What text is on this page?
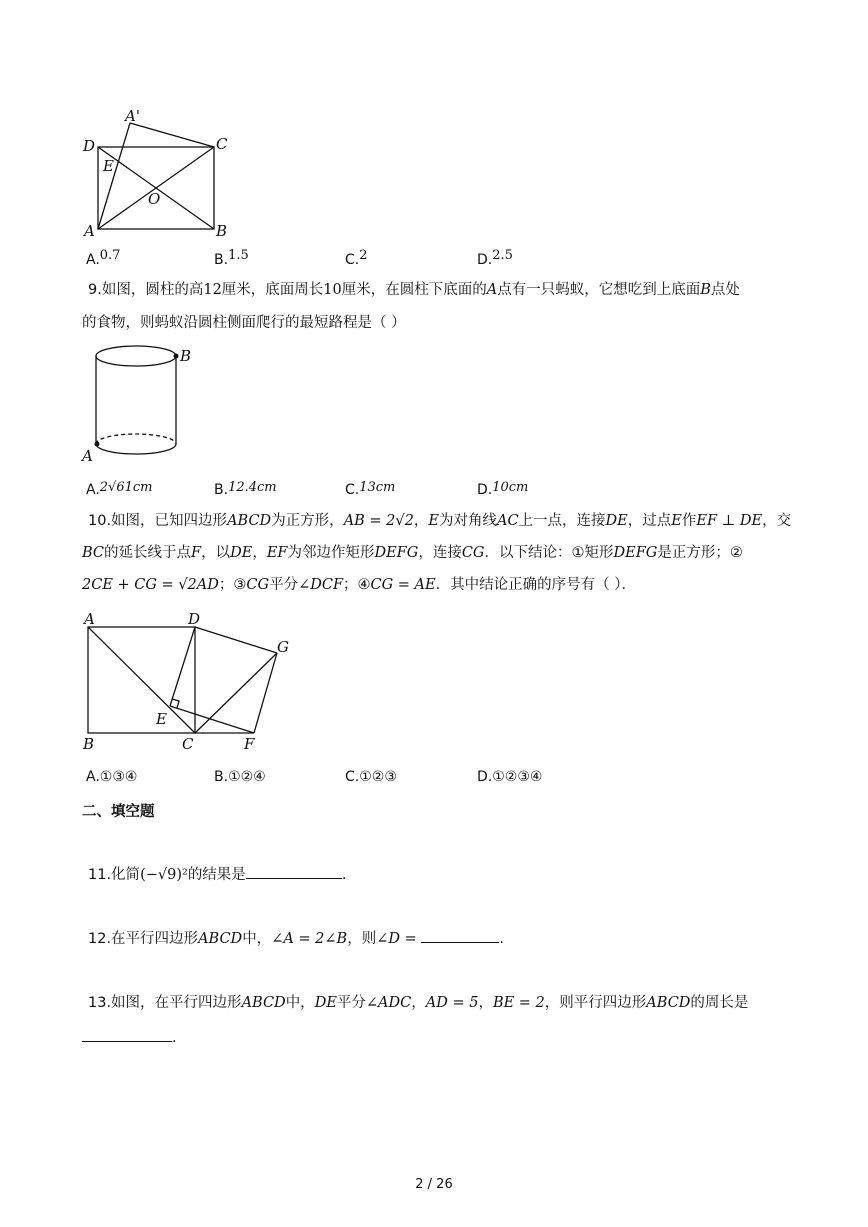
A'
D	C
E
O
A	B
A.0.7	B.1.5	C.2	D.2.5
9.如图，圆柱的高12厘米，底面周长10厘米，在圆柱下底面的A点有一只蚂蚁，它想吃到上底面B点处
的食物，则蚂蚁沿圆柱侧面爬行的最短路程是（ ）
B
A
A.2√61cm	B.12.4cm	C.13cm	D.10cm
10.如图，已知四边形ABCD为正方形，AB = 2√2，E为对角线AC上一点，连接DE，过点E作EF ⊥ DE，交
BC的延长线于点F，以DE，EF为邻边作矩形DEFG，连接CG．以下结论：①矩形DEFG是正方形；②
2CE + CG = √2AD；③CG平分∠DCF；④CG = AE．其中结论正确的序号有（ ）．
A	D
G
E
B	C	F
A.①③④	B.①②④	C.①②③	D.①②③④
二、填空题
11.化简(−√9)²的结果是	.
12.在平行四边形ABCD中，∠A = 2∠B，则∠D =	.
13.如图，在平行四边形ABCD中，DE平分∠ADC，AD = 5，BE = 2，则平行四边形ABCD的周长是
.
2 / 26
